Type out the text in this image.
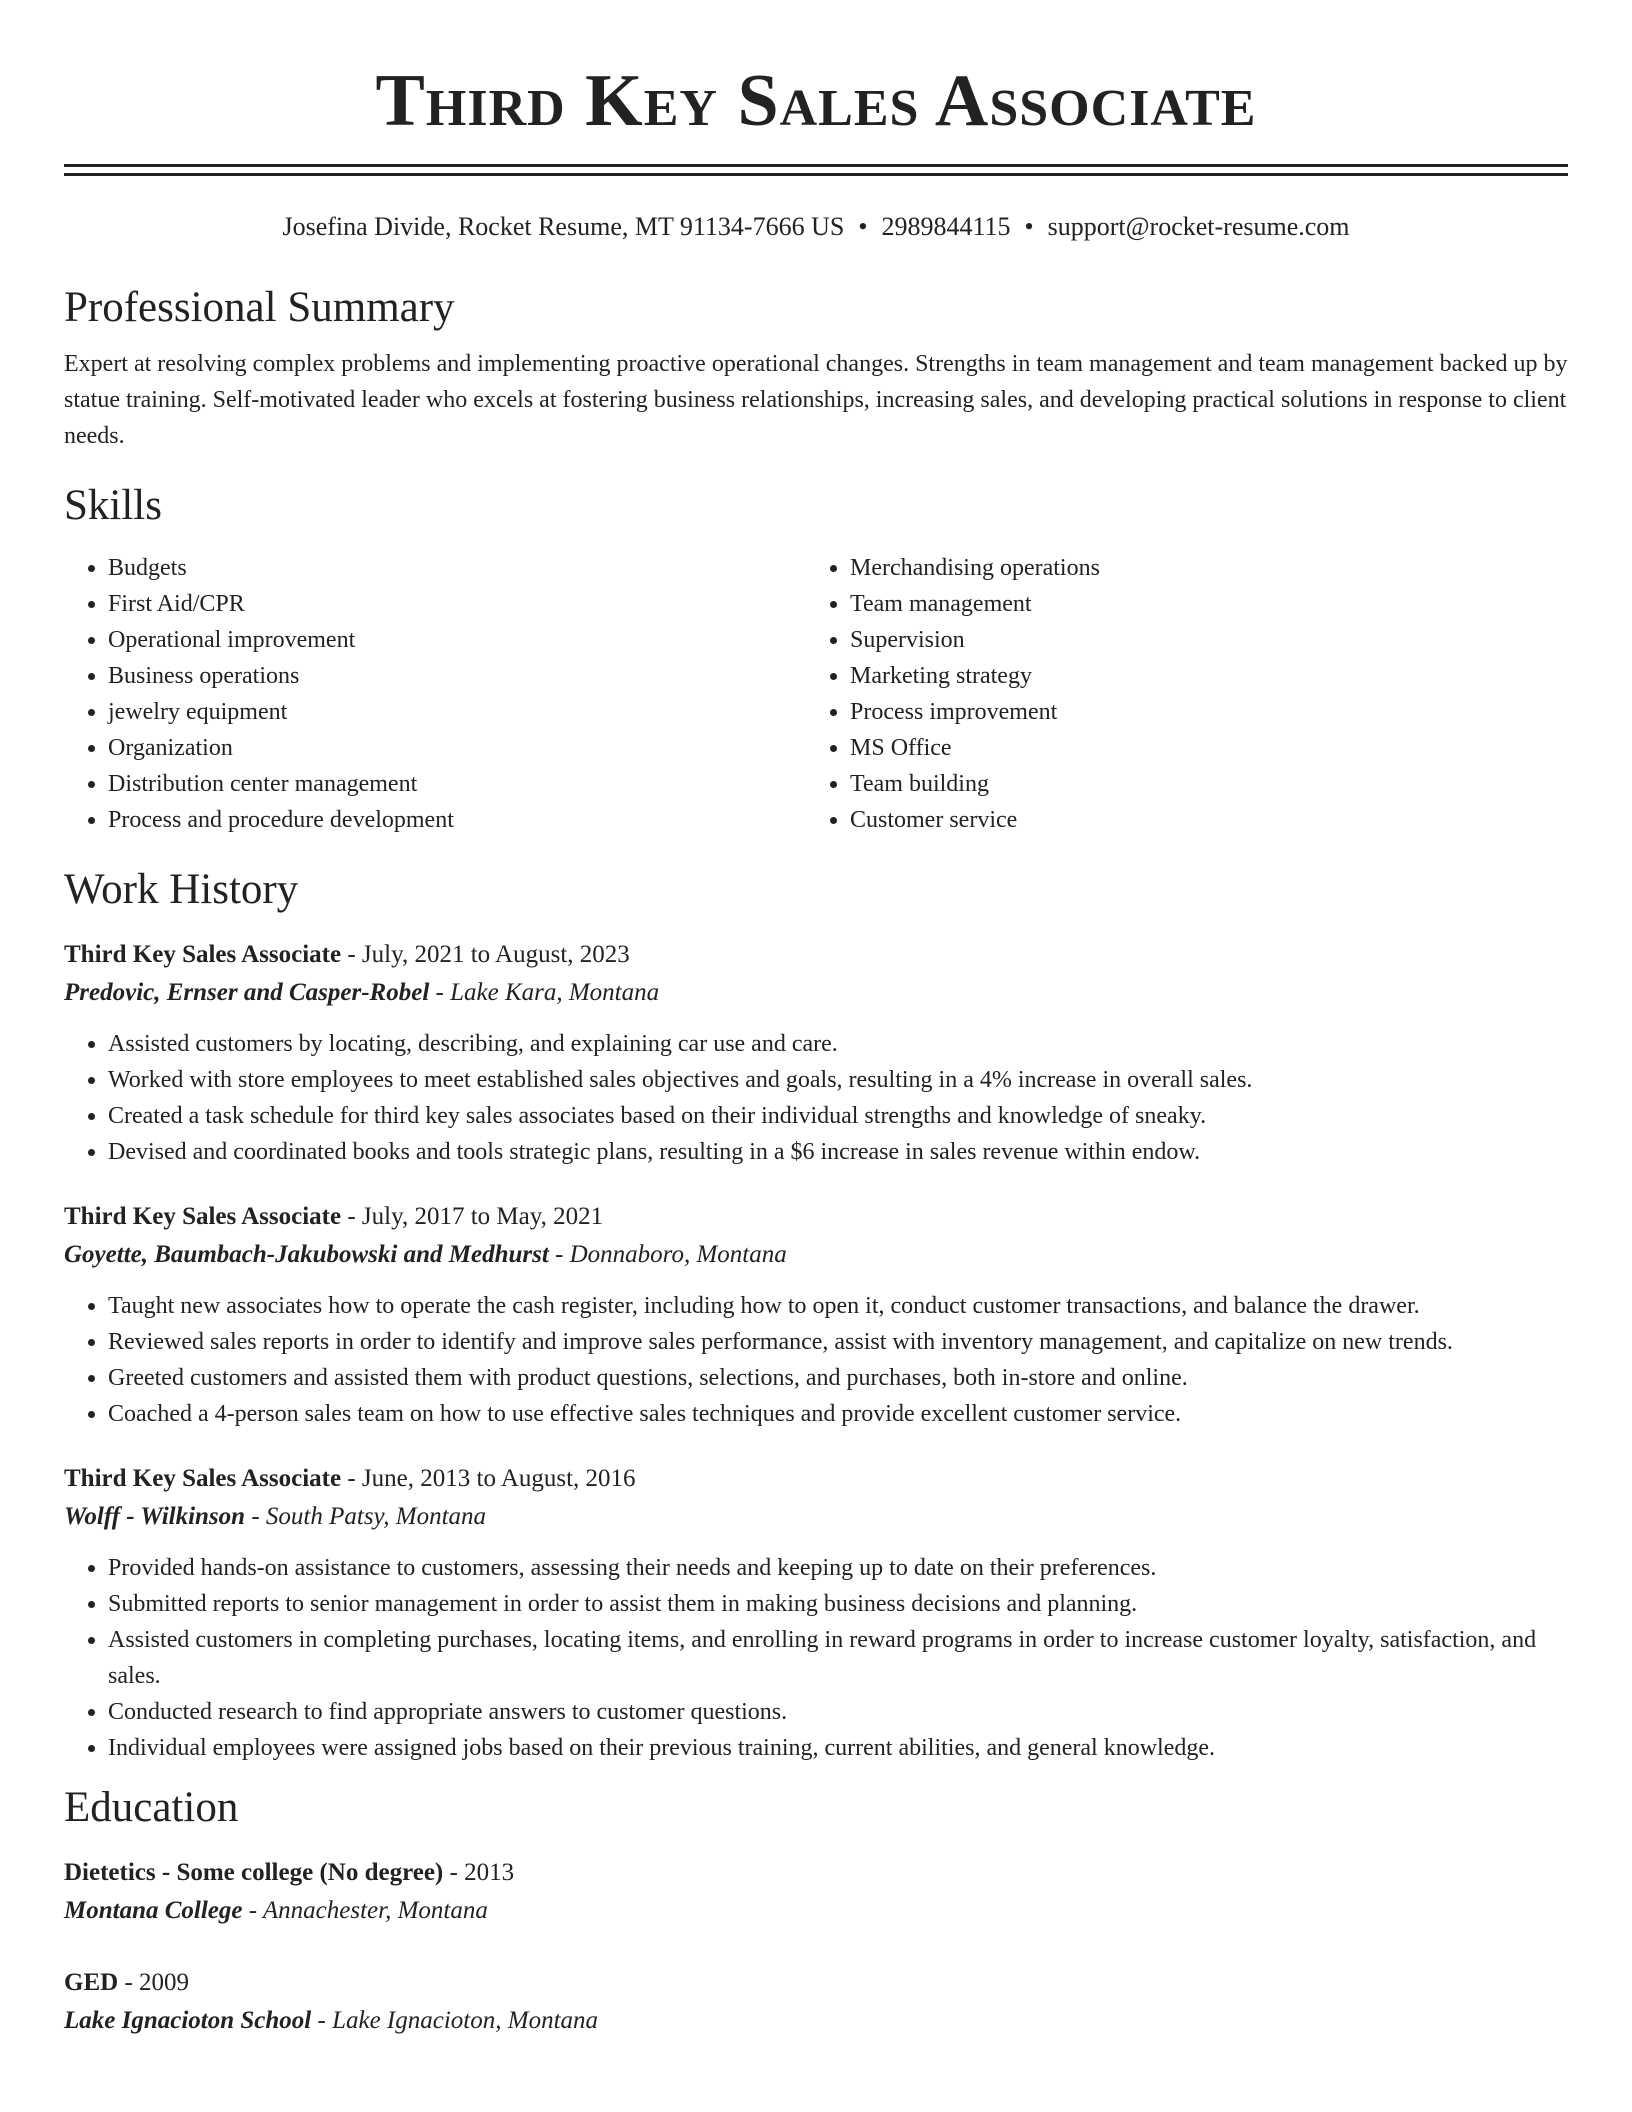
Third Key Sales Associate
Josefina Divide, Rocket Resume, MT 91134-7666 US • 2989844115 • support@rocket-resume.com
Professional Summary

Expert at resolving complex problems and implementing proactive operational changes. Strengths in team management and team management backed up by statue training. Self-motivated leader who excels at fostering business relationships, increasing sales, and developing practical solutions in response to client needs.

Skills
• Budgets
• First Aid/CPR
• Operational improvement
• Business operations
• jewelry equipment
• Organization
• Distribution center management
• Process and procedure development
• Merchandising operations
• Team management
• Supervision
• Marketing strategy
• Process improvement
• MS Office
• Team building
• Customer service
Work History
Third Key Sales Associate - July, 2021 to August, 2023
Predovic, Ernser and Casper-Robel - Lake Kara, Montana
• Assisted customers by locating, describing, and explaining car use and care.
• Worked with store employees to meet established sales objectives and goals, resulting in a 4% increase in overall sales.
• Created a task schedule for third key sales associates based on their individual strengths and knowledge of sneaky.
• Devised and coordinated books and tools strategic plans, resulting in a $6 increase in sales revenue within endow.
Third Key Sales Associate - July, 2017 to May, 2021
Goyette, Baumbach-Jakubowski and Medhurst - Donnaboro, Montana
• Taught new associates how to operate the cash register, including how to open it, conduct customer transactions, and balance the drawer.
• Reviewed sales reports in order to identify and improve sales performance, assist with inventory management, and capitalize on new trends.
• Greeted customers and assisted them with product questions, selections, and purchases, both in-store and online.
• Coached a 4-person sales team on how to use effective sales techniques and provide excellent customer service.
Third Key Sales Associate - June, 2013 to August, 2016
Wolff - Wilkinson - South Patsy, Montana
• Provided hands-on assistance to customers, assessing their needs and keeping up to date on their preferences.
• Submitted reports to senior management in order to assist them in making business decisions and planning.
• Assisted customers in completing purchases, locating items, and enrolling in reward programs in order to increase customer loyalty, satisfaction, and sales.
• Conducted research to find appropriate answers to customer questions.
• Individual employees were assigned jobs based on their previous training, current abilities, and general knowledge.
Education
Dietetics - Some college (No degree) - 2013
Montana College - Annachester, Montana
GED - 2009
Lake Ignacioton School - Lake Ignacioton, Montana
